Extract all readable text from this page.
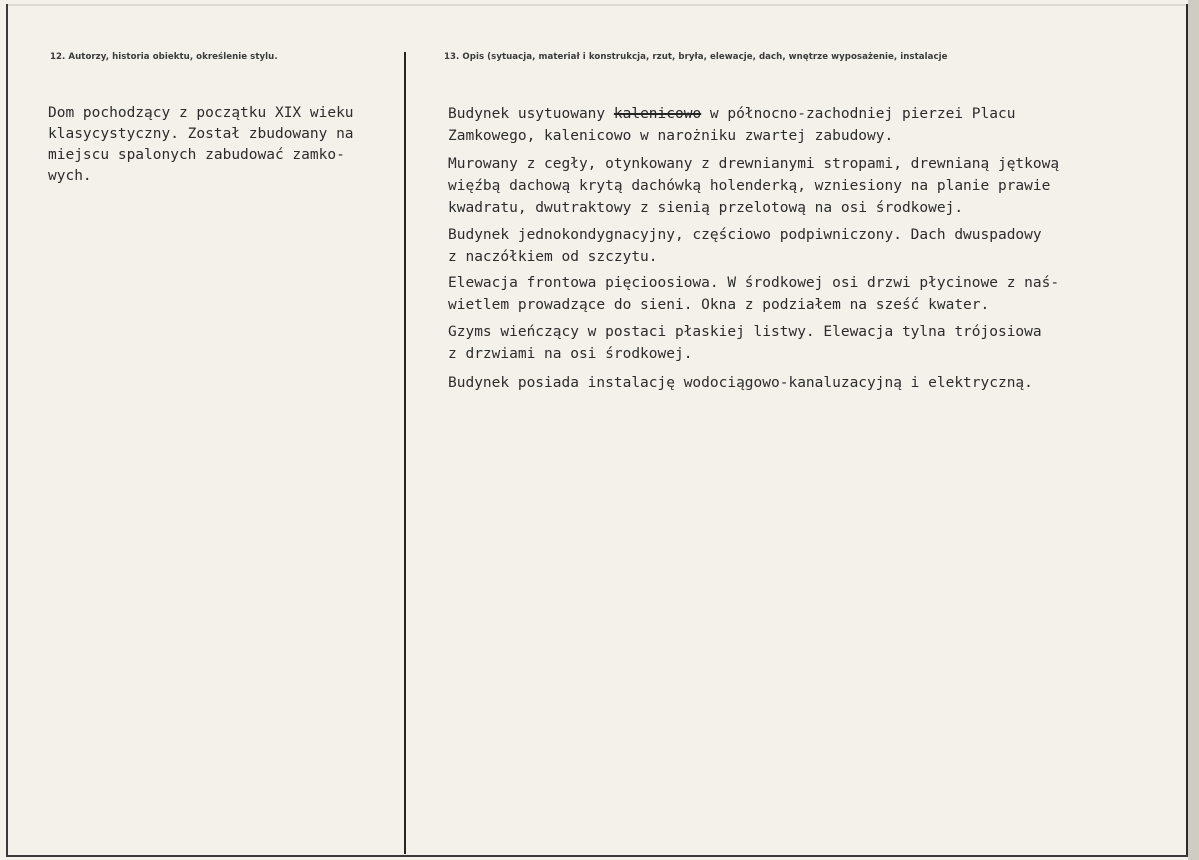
12. Autorzy, historia obiektu, określenie stylu.	13. Opis (sytuacja, materiał i konstrukcja, rzut, bryła, elewacje, dach, wnętrze wyposażenie, instalacje
Dom pochodzący z początku XIX wieku
klasycystyczny. Został zbudowany na
miejscu spalonych zabudować zamko-
wych.
Budynek usytuowany kalenicowo w północno-zachodniej pierzei Placu
Zamkowego, kalenicowo w narożniku zwartej zabudowy.
Murowany z cegły, otynkowany z drewnianymi stropami, drewnianą jętkową
więźbą dachową krytą dachówką holenderką, wzniesiony na planie prawie
kwadratu, dwutraktowy z sienią przelotową na osi środkowej.
Budynek jednokondygnacyjny, częściowo podpiwniczony. Dach dwuspadowy
z naczółkiem od szczytu.
Elewacja frontowa pięcioosiowa. W środkowej osi drzwi płycinowe z naś-
wietlem prowadzące do sieni. Okna z podziałem na sześć kwater.
Gzyms wieńczący w postaci płaskiej listwy. Elewacja tylna trójosiowa
z drzwiami na osi środkowej.
Budynek posiada instalację wodociągowo-kanaluzacyjną i elektryczną.
